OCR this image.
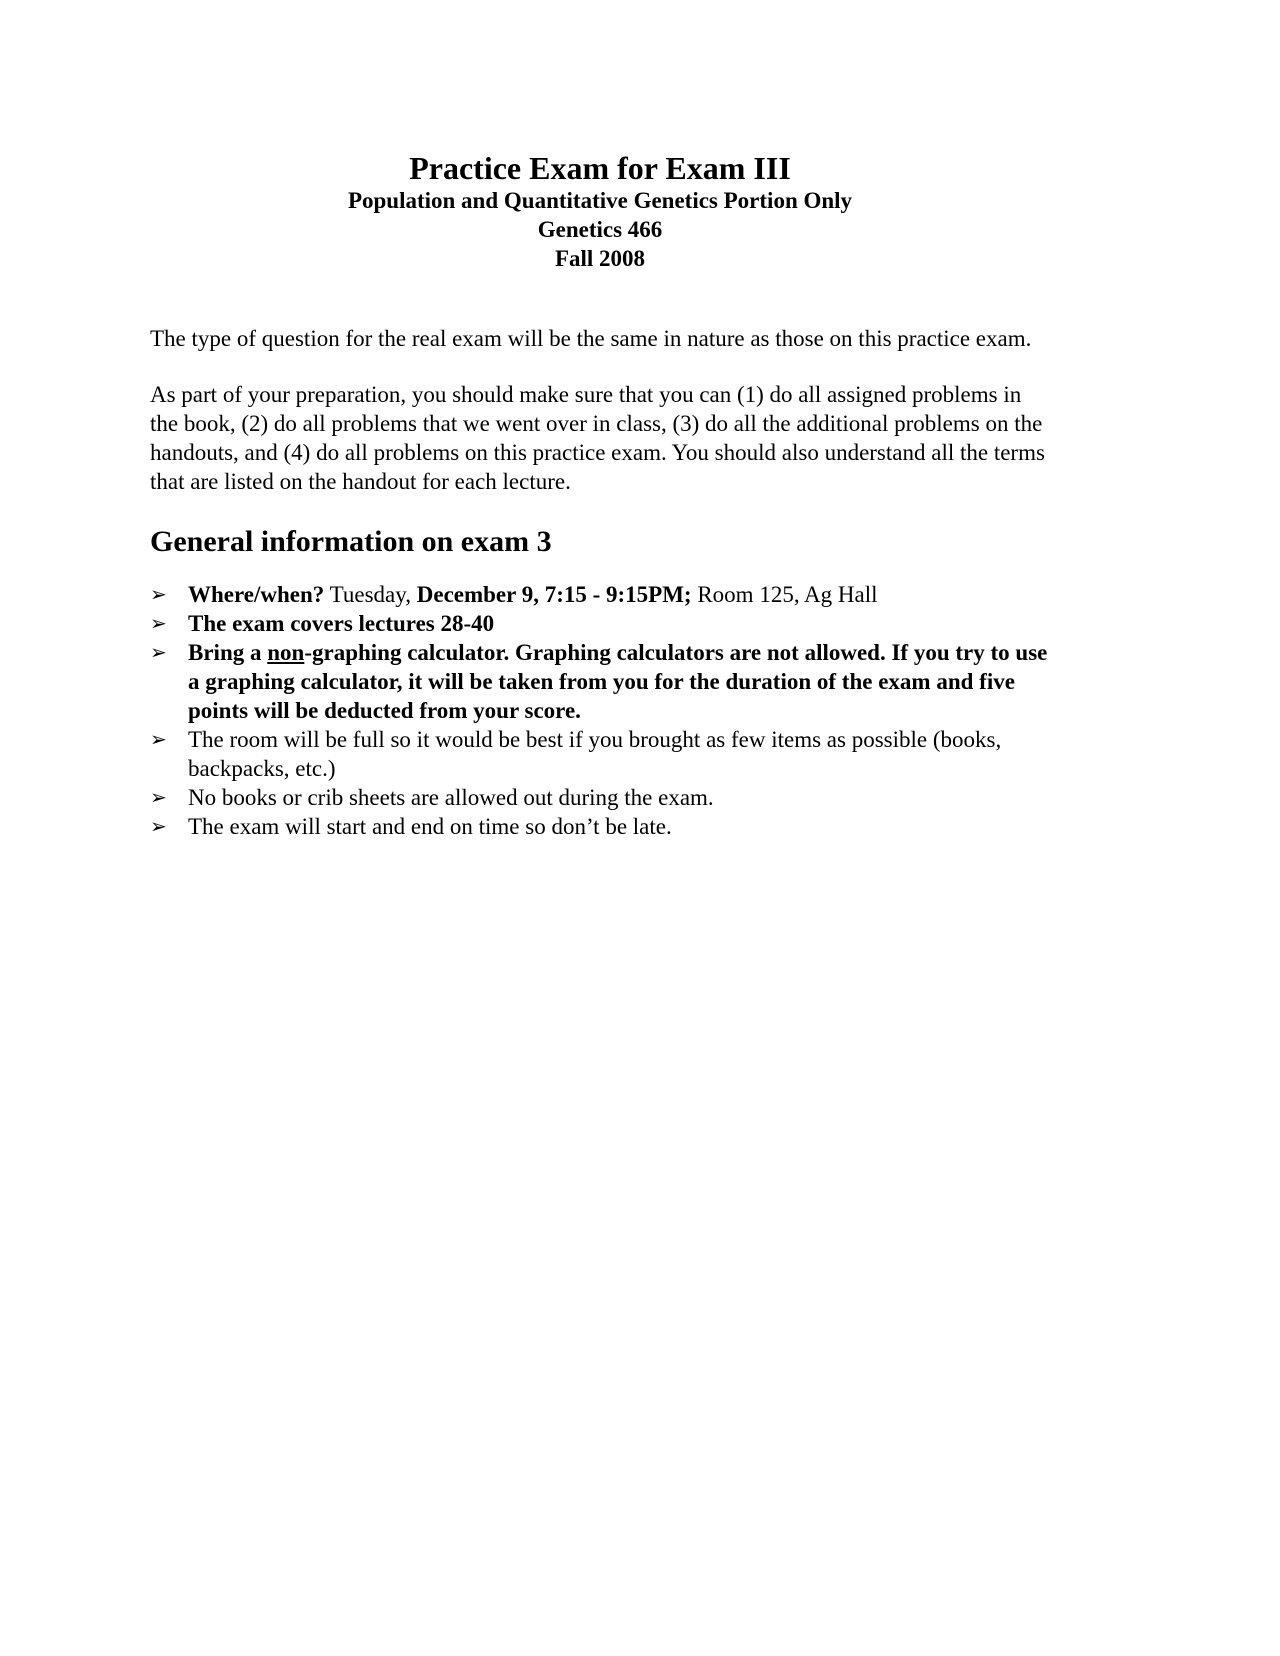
Practice Exam for Exam III

Population and Quantitative Genetics Portion Only

Genetics 466

Fall 2008

The type of question for the real exam will be the same in nature as those on this practice exam.

As part of your preparation, you should make sure that you can (1) do all assigned problems in the book, (2) do all problems that we went over in class, (3) do all the additional problems on the handouts, and (4) do all problems on this practice exam. You should also understand all the terms that are listed on the handout for each lecture.

General information on exam 3
➢ Where/when? Tuesday, December 9, 7:15 - 9:15PM; Room 125, Ag Hall
➢ The exam covers lectures 28-40
➢ Bring a non-graphing calculator. Graphing calculators are not allowed. If you try to use a graphing calculator, it will be taken from you for the duration of the exam and five points will be deducted from your score.
➢ The room will be full so it would be best if you brought as few items as possible (books, backpacks, etc.)
➢ No books or crib sheets are allowed out during the exam.
➢ The exam will start and end on time so don’t be late.
